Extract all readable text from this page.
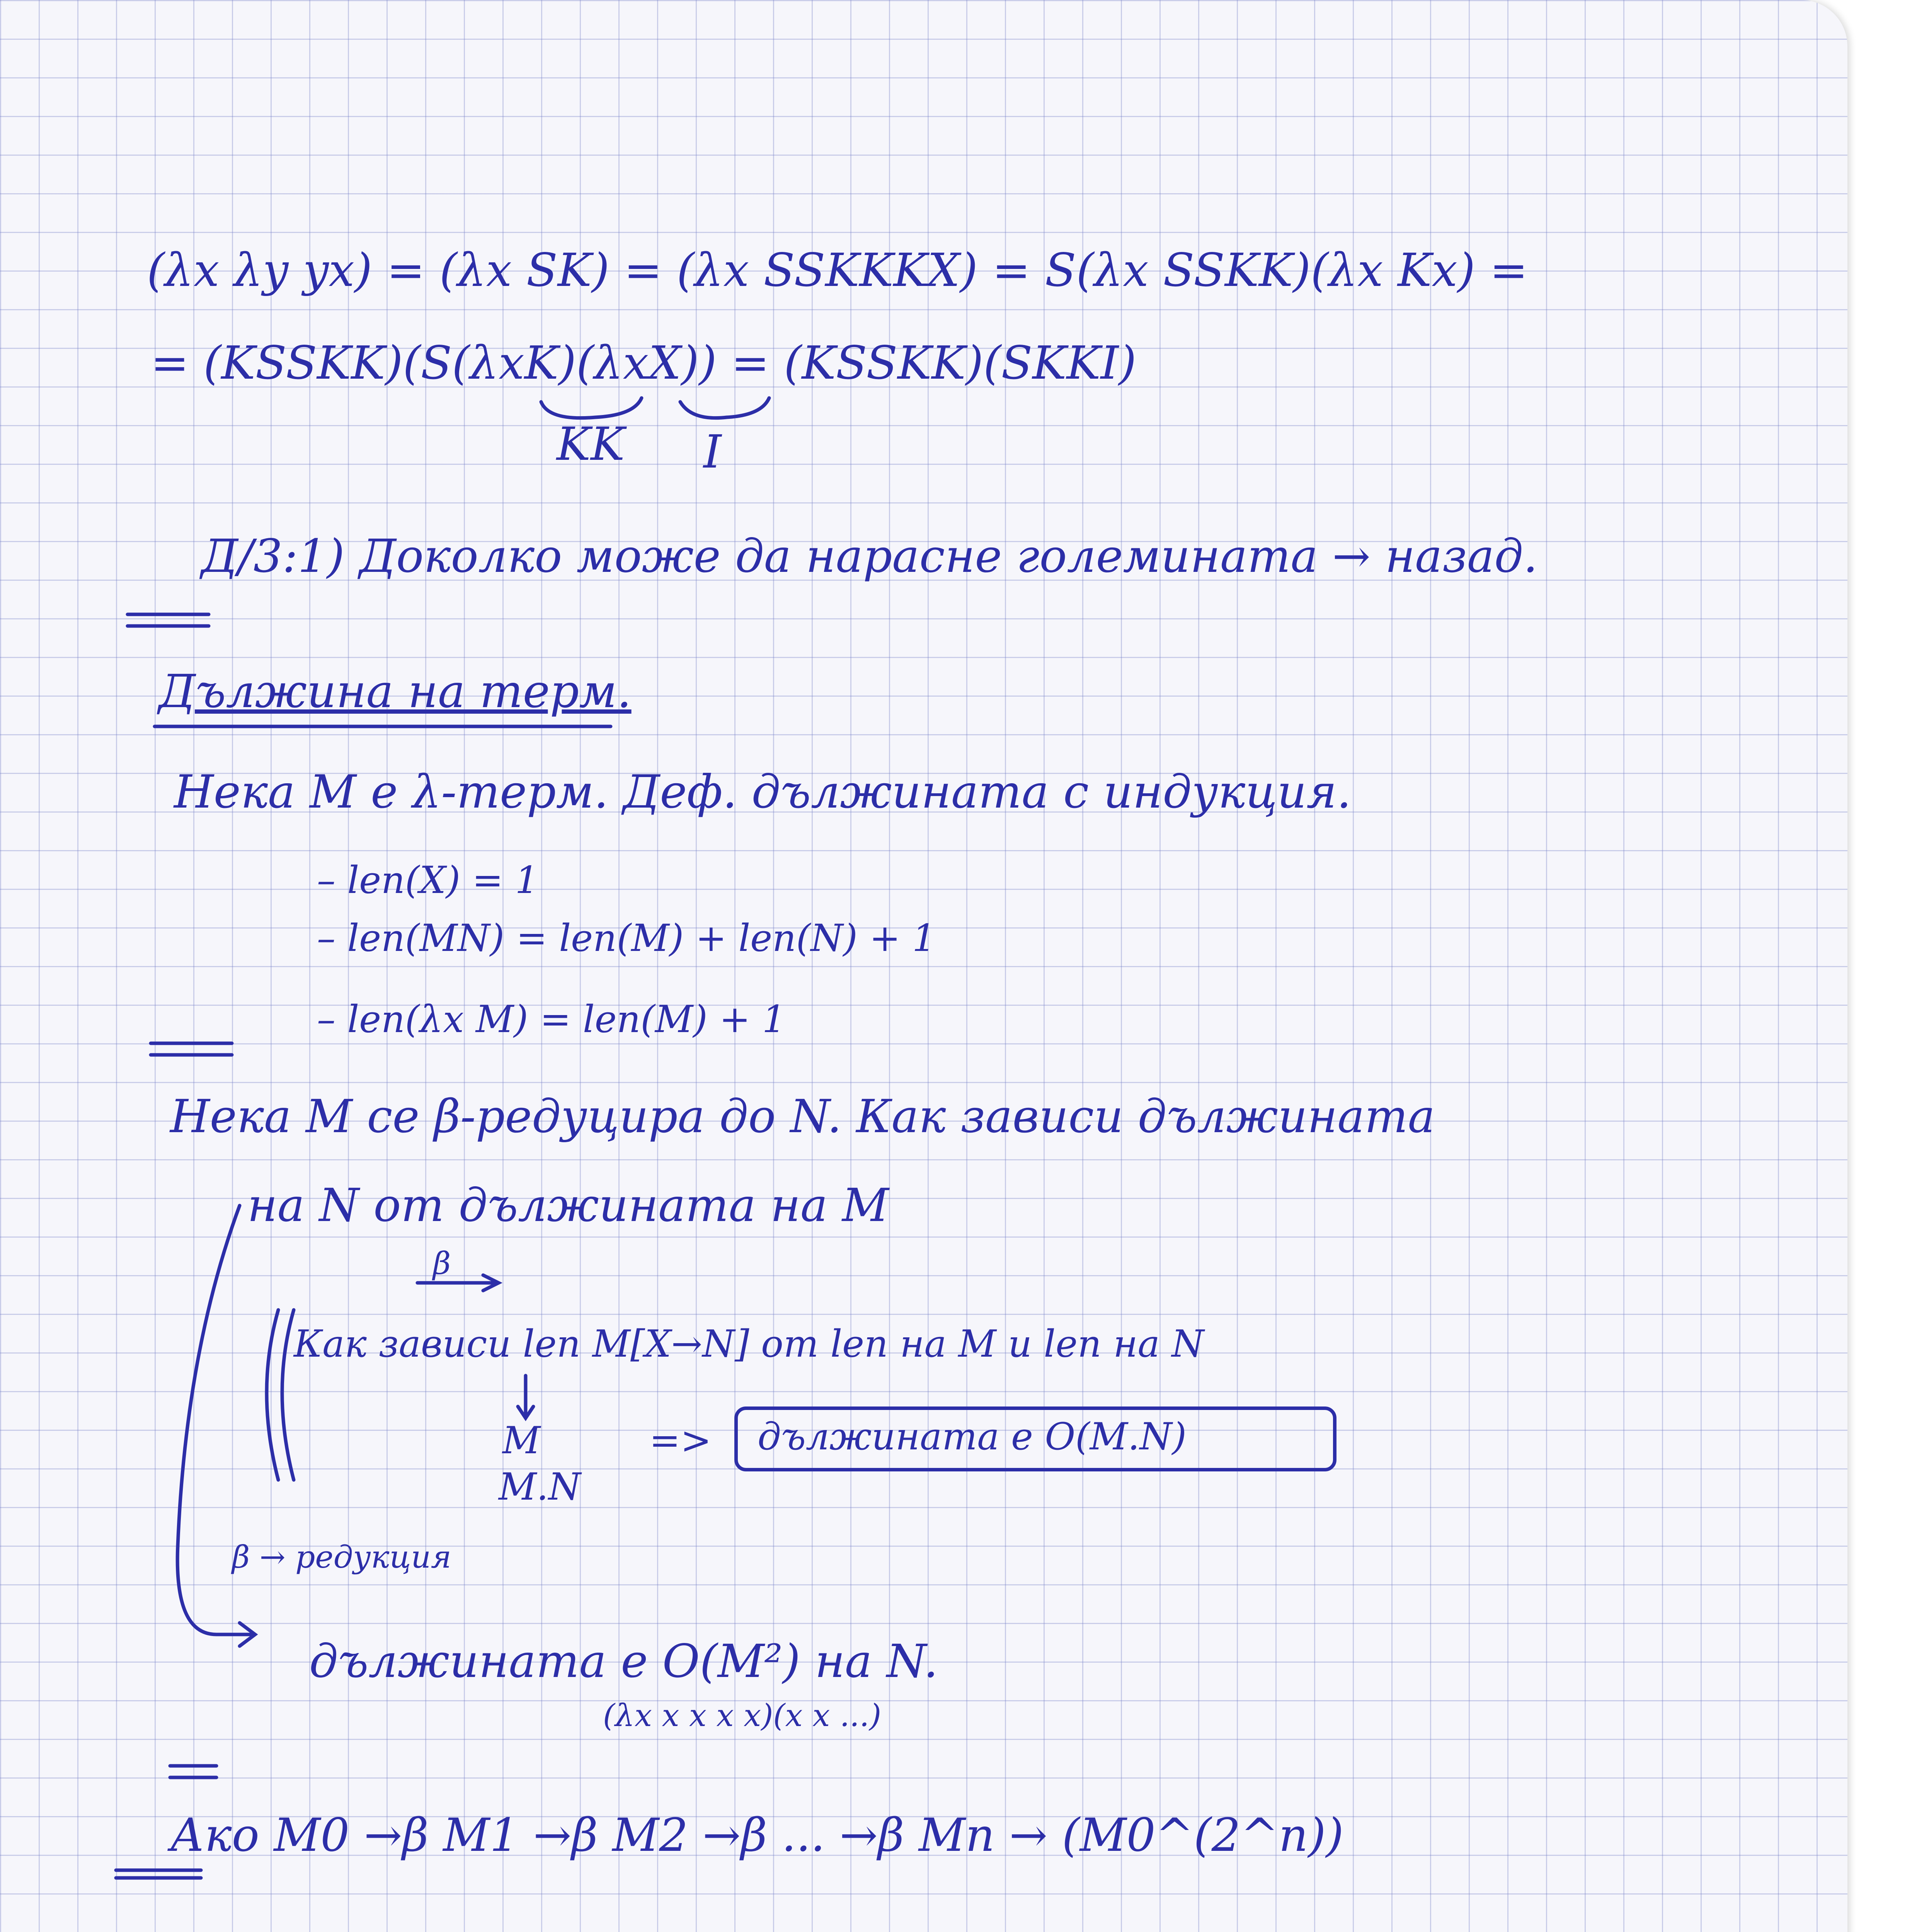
(λx λy yx) = (λx SK) = (λx SSKKKX) = S(λx SSKK)(λx Kx) =
= (KSSKK)(S(λxK)(λxX)) = (KSSKK)(SKKI)
KK I
Д/3:1) Доколко може да нарасне големината → назад.
Дължина на терм.
Нека M е λ-терм. Деф. дължината с индукция.
– len(X) = 1
– len(MN) = len(M) + len(N) + 1
– len(λx M) = len(M) + 1
Нека M се β-редуцира до N. Как зависи дължината
на N от дължината на M
β
Как зависи len M[X→N] от len на M и len на N
M
M.N
=> дължината е O(M.N)
β → редукция
дължината е O(M²) на N.
(λx x x x x)(x x ...)
Ако M0 →β M1 →β M2 →β ... →β Mn → (M0^(2^n))
